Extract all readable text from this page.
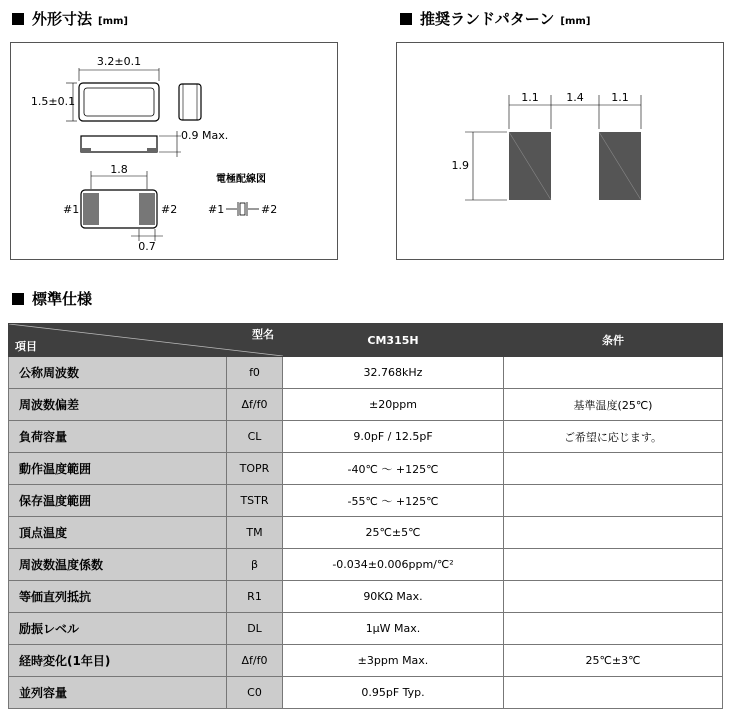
外形寸法 [mm]	推奨ランドパターン [mm]
標準仕様
3.2±0.1
1.5±0.1
0.9 Max.
1.8
0.7
#1	#2
電極配線図
#1	#2
1.1	1.4	1.1
1.9
型名
項目		CM315H	条件
公称周波数	f0	32.768kHz	
周波数偏差	Δf/f0	±20ppm	基準温度(25℃)
負荷容量	CL	9.0pF / 12.5pF	ご希望に応じます。
動作温度範囲	TOPR	-40℃ ～ +125℃	
保存温度範囲	TSTR	-55℃ ～ +125℃	
頂点温度	TM	25℃±5℃	
周波数温度係数	β	-0.034±0.006ppm/℃²	
等価直列抵抗	R1	90KΩ Max.	
励振レベル	DL	1μW Max.	
経時変化(1年目)	Δf/f0	±3ppm Max.	25℃±3℃
並列容量	C0	0.95pF Typ.	
